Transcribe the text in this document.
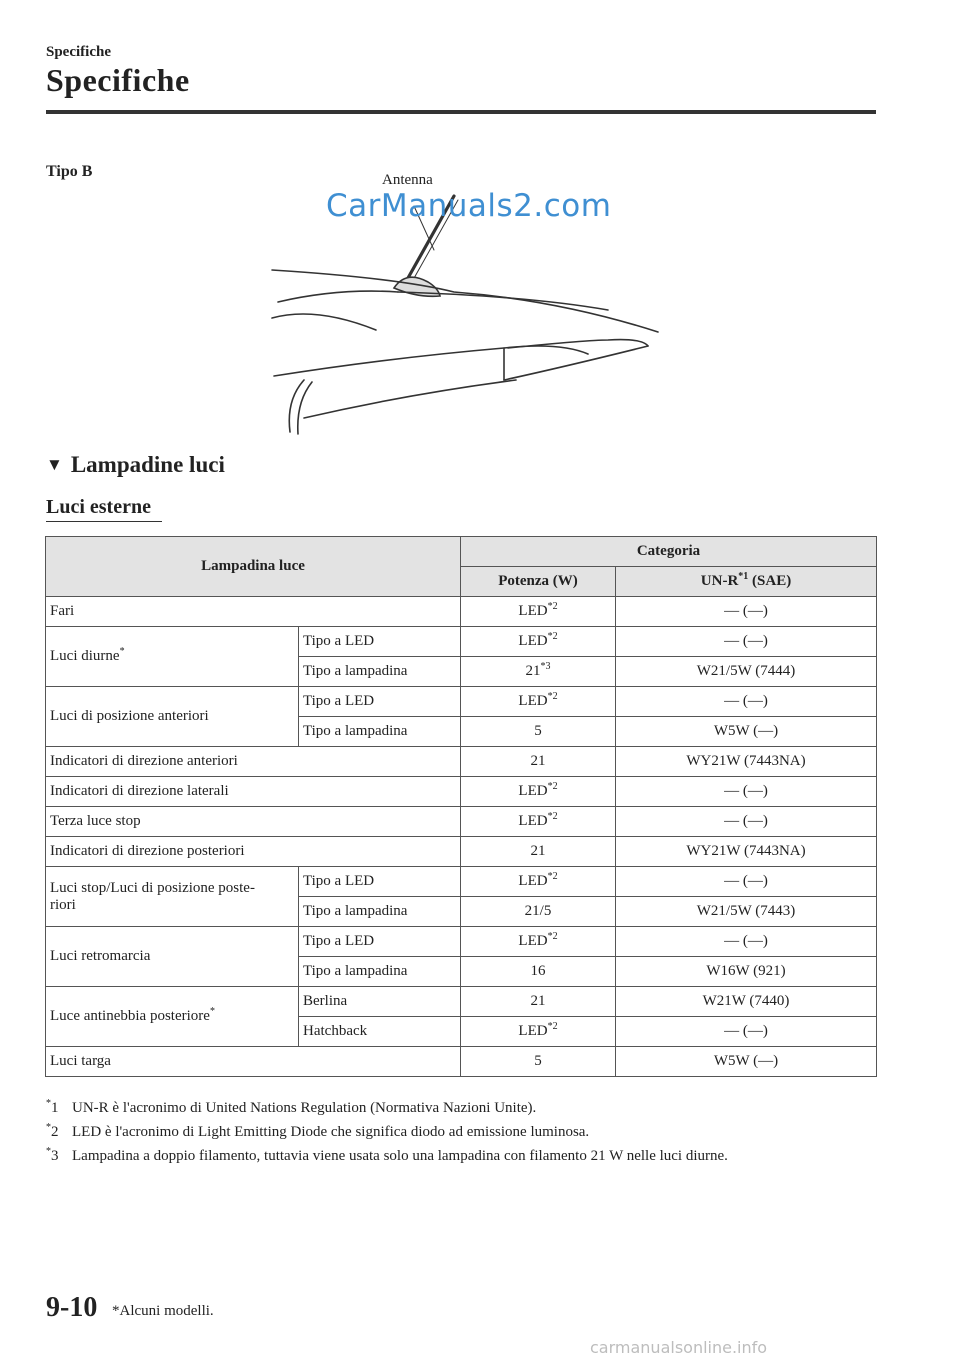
Specifiche
Specifiche
Tipo B
CarManuals2.com
Antenna
▼ Lampadine luci
Luci esterne
Lampadina luce		Categoria	
		Potenza (W)	$UN-R^{*1}$ (SAE)
Fari		LED$^{*2}$	― (―)
Luci diurne*	Tipo a LED	LED$^{*2}$	― (―)
	Tipo a lampadina	21$^{*3}$	W21/5W (7444)
Luci di posizione anteriori	Tipo a LED	LED$^{*2}$	― (―)
	Tipo a lampadina	5	W5W (―)
Indicatori di direzione anteriori		21	WY21W (7443NA)
Indicatori di direzione laterali		LED$^{*2}$	― (―)
Terza luce stop		LED$^{*2}$	― (―)
Indicatori di direzione posteriori		21	WY21W (7443NA)
Luci stop/Luci di posizione poste-
riori	Tipo a LED	LED$^{*2}$	― (―)
	Tipo a lampadina	21/5	W21/5W (7443)
Luci retromarcia	Tipo a LED	LED$^{*2}$	― (―)
	Tipo a lampadina	16	W16W (921)
Luce antinebbia posteriore*	Berlina	21	W21W (7440)
	Hatchback	LED$^{*2}$	― (―)
Luci targa		5	W5W (―)
*1 UN-R è l'acronimo di United Nations Regulation (Normativa Nazioni Unite).
*2 LED è l'acronimo di Light Emitting Diode che significa diodo ad emissione luminosa.
*3 Lampadina a doppio filamento, tuttavia viene usata solo una lampadina con filamento 21 W nelle luci diurne.
9-10 *Alcuni modelli.
carmanualsonline.info
